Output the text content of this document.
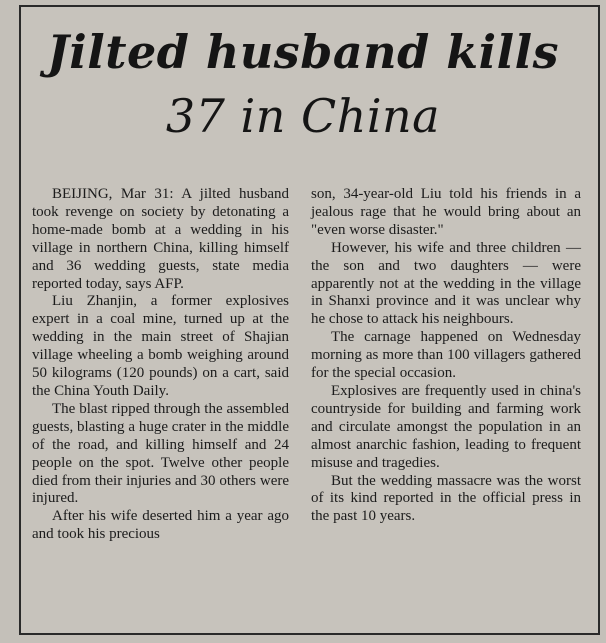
Jilted husband kills
37 in China

BEIJING, Mar 31: A jilted husband took revenge on society by detonating a home-made bomb at a wedding in his village in northern China, killing himself and 36 wedding guests, state media reported today, says AFP.

Liu Zhanjin, a former explosives expert in a coal mine, turned up at the wedding in the main street of Shajian village wheeling a bomb weighing around 50 kilograms (120 pounds) on a cart, said the China Youth Daily.

The blast ripped through the assembled guests, blasting a huge crater in the middle of the road, and killing himself and 24 people on the spot. Twelve other people died from their injuries and 30 others were injured.

After his wife deserted him a year ago and took his precious

son, 34-year-old Liu told his friends in a jealous rage that he would bring about an "even worse disaster."

However, his wife and three children — the son and two daughters — were apparently not at the wedding in the village in Shanxi province and it was unclear why he chose to attack his neighbours.

The carnage happened on Wednesday morning as more than 100 villagers gathered for the special occasion.

Explosives are frequently used in china's countryside for building and farming work and circulate amongst the population in an almost anarchic fashion, leading to frequent misuse and tragedies.

But the wedding massacre was the worst of its kind reported in the official press in the past 10 years.
